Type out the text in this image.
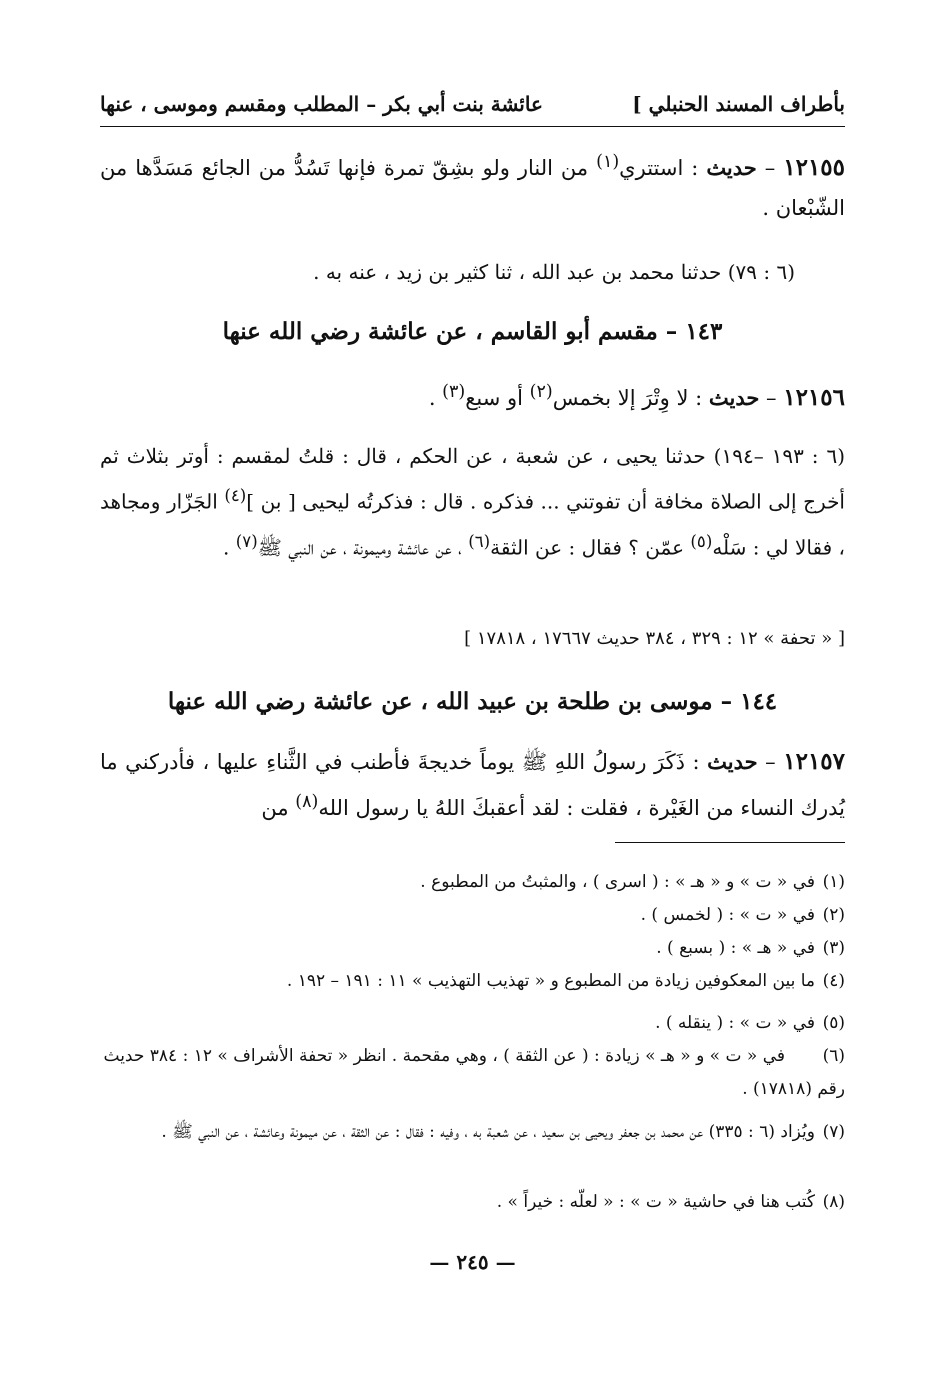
بأطراف المسند الحنبلي ]
عائشة بنت أبي بكر – المطلب ومقسم وموسى ، عنها
١٢١٥٥ – حديث : استتري$^{(١)}$ من النار ولو بشِقّ تمرة فإنها تَسُدُّ من الجائع مَسَدَّها من الشّبْعان .
(٦ : ٧٩) حدثنا محمد بن عبد الله ، ثنا كثير بن زيد ، عنه به .
١٤٣ – مقسم أبو القاسم ، عن عائشة رضي الله عنها
١٢١٥٦ – حديث : لا وِتْرَ إلا بخمس$^{(٢)}$ أو سبع$^{(٣)}$ .
(٦ : ١٩٣ –١٩٤) حدثنا يحيى ، عن شعبة ، عن الحكم ، قال : قلتُ لمقسم : أوتر بثلاث ثم أخرج إلى الصلاة مخافة أن تفوتني ... فذكره . قال : فذكرتُه ليحيى [ بن ]$^{(٤)}$ الجَزّار ومجاهد ، فقالا لي : سَلْه$^{(٥)}$ عمّن ؟ فقال : عن الثقة$^{(٦)}$ ، عن عائشة وميمونة ، عن النبي ﷺ$^{(٧)}$ .
[ « تحفة » ١٢ : ٣٢٩ ، ٣٨٤ حديث ١٧٦٦٧ ، ١٧٨١٨ ]
١٤٤ – موسى بن طلحة بن عبيد الله ، عن عائشة رضي الله عنها
١٢١٥٧ – حديث : ذَكَرَ رسولُ اللهِ ﷺ يوماً خديجةَ فأطنب في الثَّناءِ عليها ، فأدركني ما يُدرك النساء من الغَيْرة ، فقلت : لقد أعقبكَ اللهُ يا رسول الله$^{(٨)}$ من
(١)في « ت » و « هـ » : ( اسرى ) ، والمثبتُ من المطبوع .
(٢)في « ت » : ( لخمس ) .
(٣)في « هـ » : ( بسبع ) .
(٤)ما بين المعكوفين زيادة من المطبوع و « تهذيب التهذيب » ١١ : ١٩١ – ١٩٢ .
(٥)في « ت » : ( ينقله ) .
(٦)في « ت » و « هـ » زيادة : ( عن الثقة ) ، وهي مقحمة . انظر « تحفة الأشراف » ١٢ : ٣٨٤ حديث رقم (١٧٨١٨) .
(٧)ويُزاد (٦ : ٣٣٥) عن محمد بن جعفر ويحيى بن سعيد ، عن شعبة به ، وفيه : فقال : عن الثقة ، عن ميمونة وعائشة ، عن النبي ﷺ .
(٨)كُتب هنا في حاشية « ت » : « لعلّه : خيراً » .
— ٢٤٥ —
